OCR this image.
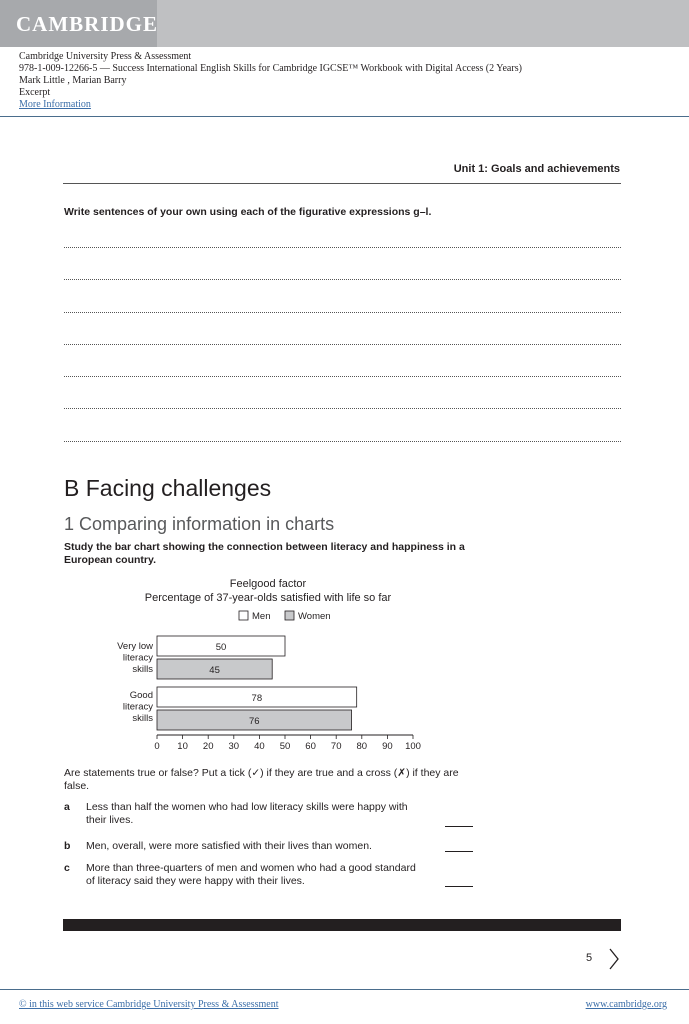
CAMBRIDGE
Cambridge University Press & Assessment
978-1-009-12266-5 — Success International English Skills for Cambridge IGCSE™ Workbook with Digital Access (2 Years)
Mark Little , Marian Barry
Excerpt
More Information
Unit 1: Goals and achievements
Write sentences of your own using each of the figurative expressions g–l.
B Facing challenges
1 Comparing information in charts
Study the bar chart showing the connection between literacy and happiness in a European country.
Feelgood factor
Percentage of 37-year-olds satisfied with life so far
Men	Women
Very low
literacy
skills
Good
literacy
skills
50
45
78
76
0 10 20 30 40 50 60 70 80 90 100
Are statements true or false? Put a tick (✓) if they are true and a cross (✗) if they are false.
a Less than half the women who had low literacy skills were happy with their lives.
b Men, overall, were more satisfied with their lives than women.
c More than three-quarters of men and women who had a good standard of literacy said they were happy with their lives.
5
© in this web service Cambridge University Press & Assessment	www.cambridge.org
